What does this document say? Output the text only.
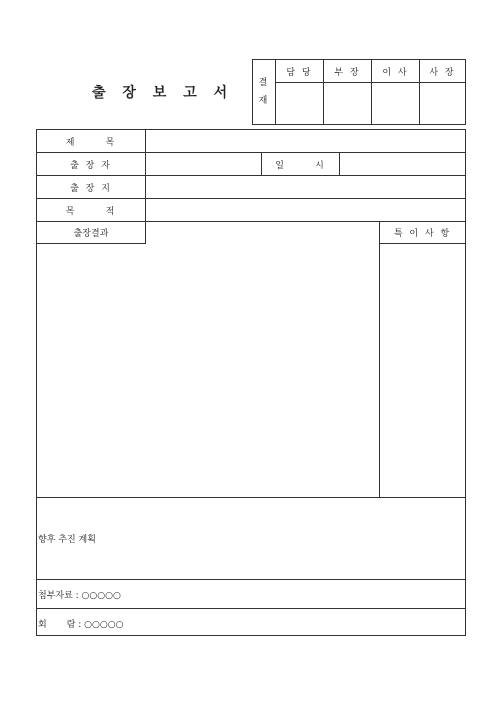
출 장 보 고 서
결
재
담 당	부 장	이 사	사 장
제      목
출 장 자	일      시
출 장 지
목      적
출장결과	특 이 사 항
향후 추진 계획
첨부자료 : ○○○○○
회       람 : ○○○○○
